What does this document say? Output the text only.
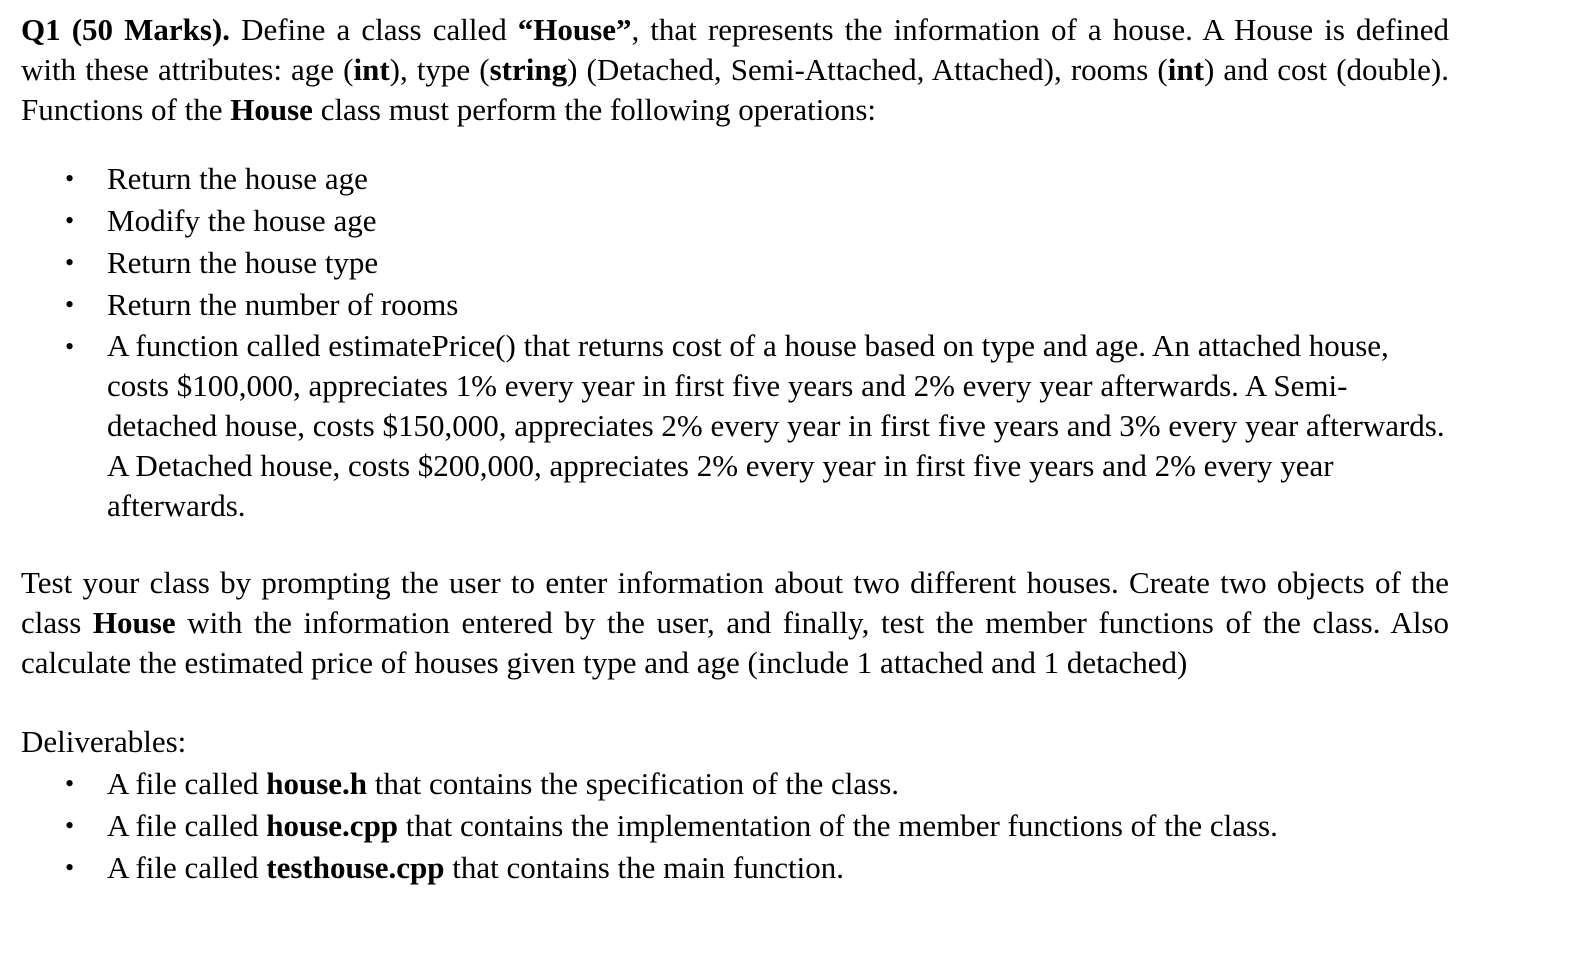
Q1 (50 Marks). Define a class called “House”, that represents the information of a house. A House is defined with these attributes: age (int), type (string) (Detached, Semi-Attached, Attached), rooms (int) and cost (double). Functions of the House class must perform the following operations:

• Return the house age
• Modify the house age
• Return the house type
• Return the number of rooms
• A function called estimatePrice() that returns cost of a house based on type and age. An attached house, costs $100,000, appreciates 1% every year in first five years and 2% every year afterwards. A Semi-detached house, costs $150,000, appreciates 2% every year in first five years and 3% every year afterwards. A Detached house, costs $200,000, appreciates 2% every year in first five years and 2% every year afterwards.

Test your class by prompting the user to enter information about two different houses. Create two objects of the class House with the information entered by the user, and finally, test the member functions of the class. Also calculate the estimated price of houses given type and age (include 1 attached and 1 detached)

Deliverables:

• A file called house.h that contains the specification of the class.
• A file called house.cpp that contains the implementation of the member functions of the class.
• A file called testhouse.cpp that contains the main function.
